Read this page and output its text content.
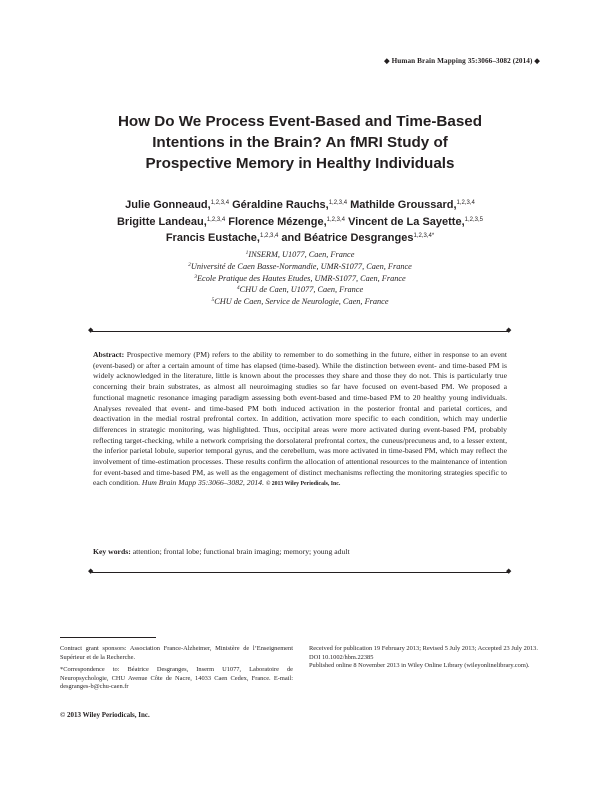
◆ Human Brain Mapping 35:3066–3082 (2014) ◆
How Do We Process Event-Based and Time-Based
Intentions in the Brain? An fMRI Study of
Prospective Memory in Healthy Individuals
Julie Gonneaud,$^{1,2,3,4}$ Géraldine Rauchs,$^{1,2,3,4}$ Mathilde Groussard,$^{1,2,3,4}$
Brigitte Landeau,$^{1,2,3,4}$ Florence Mézenge,$^{1,2,3,4}$ Vincent de La Sayette,$^{1,2,3,5}$
Francis Eustache,$^{1,2,3,4}$ and Béatrice Desgranges$^{1,2,3,4*}$
$^1$INSERM, U1077, Caen, France
$^2$Université de Caen Basse-Normandie, UMR-S1077, Caen, France
$^3$Ecole Pratique des Hautes Etudes, UMR-S1077, Caen, France
$^4$CHU de Caen, U1077, Caen, France
$^5$CHU de Caen, Service de Neurologie, Caen, France
◆	◆
Abstract: Prospective memory (PM) refers to the ability to remember to do something in the future, either in response to an event (event-based) or after a certain amount of time has elapsed (time-based). While the distinction between event- and time-based PM is widely acknowledged in the literature, little is known about the processes they share and those they do not. This is particularly true concerning their brain substrates, as almost all neuroimaging studies so far have focused on event-based PM. We proposed a functional magnetic resonance imaging paradigm assessing both event-based and time-based PM to 20 healthy young individuals. Analyses revealed that event- and time-based PM both induced activation in the posterior frontal and parietal cortices, and deactivation in the medial rostral prefrontal cortex. In addition, activation more specific to each condition, which may underlie differences in strategic monitoring, was highlighted. Thus, occipital areas were more activated during event-based PM, probably reflecting target-checking, while a network comprising the dorsolateral prefrontal cortex, the cuneus/precuneus and, to a lesser extent, the inferior parietal lobule, superior temporal gyrus, and the cerebellum, was more activated in time-based PM, which may reflect the involvement of time-estimation processes. These results confirm the allocation of attentional resources to the maintenance of intention for event-based and time-based PM, as well as the engagement of distinct mechanisms reflecting the monitoring strategies specific to each condition. Hum Brain Mapp 35:3066–3082, 2014. © 2013 Wiley Periodicals, Inc.
Key words: attention; frontal lobe; functional brain imaging; memory; young adult
◆	◆

Contract grant sponsors: Association France-Alzheimer, Ministère de l’Enseignement Supérieur et de la Recherche.

*Correspondence to: Béatrice Desgranges, Inserm U1077, Laboratoire de Neuropsychologie, CHU Avenue Côte de Nacre, 14033 Caen Cedex, France. E-mail: desgranges-b@chu-caen.fr

Received for publication 19 February 2013; Revised 5 July 2013; Accepted 23 July 2013.

DOI 10.1002/hbm.22385

Published online 8 November 2013 in Wiley Online Library (wileyonlinelibrary.com).

© 2013 Wiley Periodicals, Inc.
